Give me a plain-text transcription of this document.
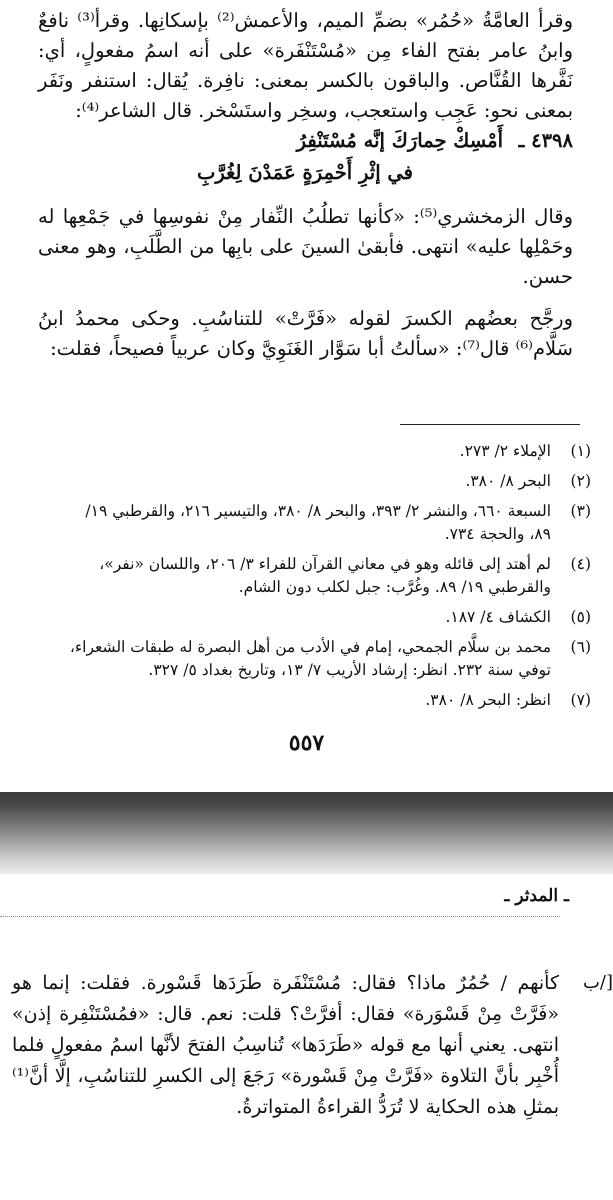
وقرأ العامَّةُ «حُمُر» بضمِّ الميم، والأعمش⁽²⁾ بإسكانِها. وقرأ⁽³⁾ نافعٌ وابنُ عامر بفتح الفاء مِن «مُسْتَنْفَرة» على أنه اسمُ مفعولٍ، أي: نَفَّرها القُنَّاص. والباقون بالكسر بمعنى: نافِرة. يُقال: استنفر ونَفَر بمعنى نحو: عَجِب واستعجب، وسخِر واستَسْخر. قال الشاعر⁽⁴⁾:

٤٣٩٨ ـ
أَمْسِكْ حِمارَكَ إنَّه مُسْتَنْفِرُ
في إثْرِ أَحْمِرَةٍ عَمَدْنَ لِغُرَّبِ

وقال الزمخشري⁽⁵⁾: «كأنها تطلُبُ النِّفار مِنْ نفوسِها في جَمْعِها له وحَمْلِها عليه» انتهى. فأبقىٰ السينَ على بابِها من الطَّلَبِ، وهو معنى حسن.

ورجَّح بعضُهم الكسرَ لقوله «فَرَّتْ» للتناسُبِ. وحكى محمدُ ابنُ سَلَّام⁽⁶⁾ قال⁽⁷⁾: «سألتُ أبا سَوَّار الغَنَوِيَّ وكان عربياً فصيحاً، فقلت:

(١)
الإملاء ٢/ ٢٧٣.
(٢)
البحر ٨/ ٣٨٠.
(٣)
السبعة ٦٦٠، والنشر ٢/ ٣٩٣، والبحر ٨/ ٣٨٠، والتيسير ٢١٦، والقرطبي ١٩/ ٨٩، والحجة ٧٣٤.
(٤)
لم أهتد إلى قائله وهو في معاني القرآن للفراء ٣/ ٢٠٦، واللسان «نفر»، والقرطبي ١٩/ ٨٩. وغُرَّب: جبل لكلب دون الشام.
(٥)
الكشاف ٤/ ١٨٧.
(٦)
محمد بن سلَّام الجمحي، إمام في الأدب من أهل البصرة له طبقات الشعراء، توفي سنة ٢٣٢. انظر: إرشاد الأريب ٧/ ١٣، وتاريخ بغداد ٥/ ٣٢٧.
(٧)
انظر: البحر ٨/ ٣٨٠.
٥٥٧
ـ المدثر ـ
ب/]

كأنهم / حُمُرٌ ماذا؟ فقال: مُسْتَنْفَرة طَرَدَها قَسْورة. فقلت: إنما هو «فَرَّتْ مِنْ قَسْوَرة» فقال: أفرَّتْ؟ قلت: نعم. قال: «فمُسْتَنْفِرة إذن» انتهى. يعني أنها مع قوله «طَرَدَها» تُناسِبُ الفتحَ لأنَّها اسمُ مفعولٍ فلما أُخْبِر بأنَّ التلاوة «فَرَّتْ مِنْ قَسْورة» رَجَعَ إلى الكسرِ للتناسُبِ، إلَّا أنَّ⁽¹⁾ بمثلِ هذه الحكاية لا تُرَدُّ القراءةُ المتواترةُ.
